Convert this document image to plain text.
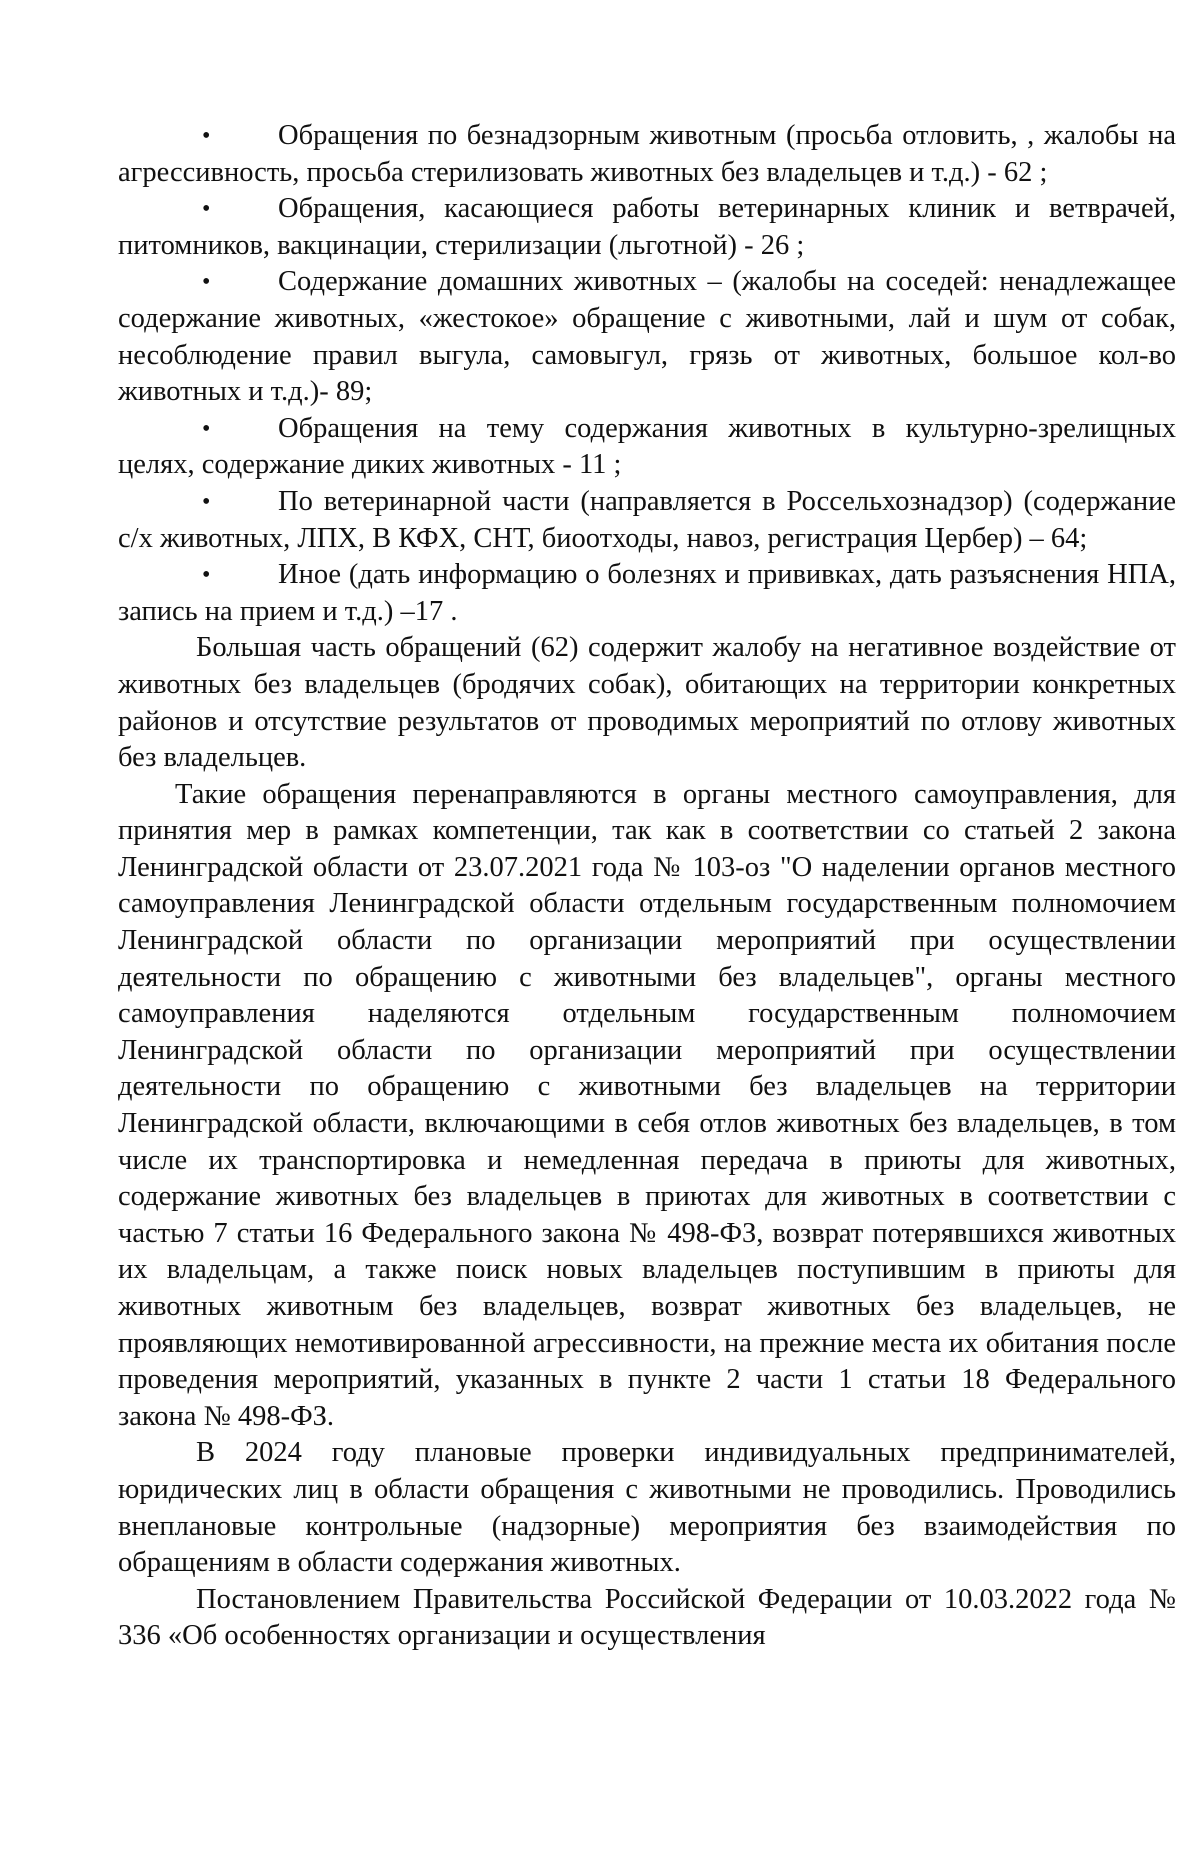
• Обращения по безнадзорным животным (просьба отловить, , жалобы на агрессивность, просьба стерилизовать животных без владельцев и т.д.) - 62 ;

• Обращения, касающиеся работы ветеринарных клиник и ветврачей, питомников, вакцинации, стерилизации (льготной) - 26 ;

• Содержание домашних животных – (жалобы на соседей: ненадлежащее содержание животных, «жестокое» обращение с животными, лай и шум от собак, несоблюдение правил выгула, самовыгул, грязь от животных, большое кол-во животных и т.д.)- 89;

• Обращения на тему содержания животных в культурно-зрелищных целях, содержание диких животных - 11 ;

• По ветеринарной части (направляется в Россельхознадзор) (содержание с/х животных, ЛПХ, В КФХ, СНТ, биоотходы, навоз, регистрация Цербер) – 64;

• Иное (дать информацию о болезнях и прививках, дать разъяснения НПА, запись на прием и т.д.) –17 .

Большая часть обращений (62) содержит жалобу на негативное воздействие от животных без владельцев (бродячих собак), обитающих на территории конкретных районов и отсутствие результатов от проводимых мероприятий по отлову животных без владельцев.

Такие обращения перенаправляются в органы местного самоуправления, для принятия мер в рамках компетенции, так как в соответствии со статьей 2 закона Ленинградской области от 23.07.2021 года № 103-оз "О наделении органов местного самоуправления Ленинградской области отдельным государственным полномочием Ленинградской области по организации мероприятий при осуществлении деятельности по обращению с животными без владельцев", органы местного самоуправления наделяются отдельным государственным полномочием Ленинградской области по организации мероприятий при осуществлении деятельности по обращению с животными без владельцев на территории Ленинградской области, включающими в себя отлов животных без владельцев, в том числе их транспортировка и немедленная передача в приюты для животных, содержание животных без владельцев в приютах для животных в соответствии с частью 7 статьи 16 Федерального закона № 498-ФЗ, возврат потерявшихся животных их владельцам, а также поиск новых владельцев поступившим в приюты для животных животным без владельцев, возврат животных без владельцев, не проявляющих немотивированной агрессивности, на прежние места их обитания после проведения мероприятий, указанных в пункте 2 части 1 статьи 18 Федерального закона № 498-ФЗ.

В 2024 году плановые проверки индивидуальных предпринимателей, юридических лиц в области обращения с животными не проводились. Проводились внеплановые контрольные (надзорные) мероприятия без взаимодействия по обращениям в области содержания животных.

Постановлением Правительства Российской Федерации от 10.03.2022 года № 336 «Об особенностях организации и осуществления
